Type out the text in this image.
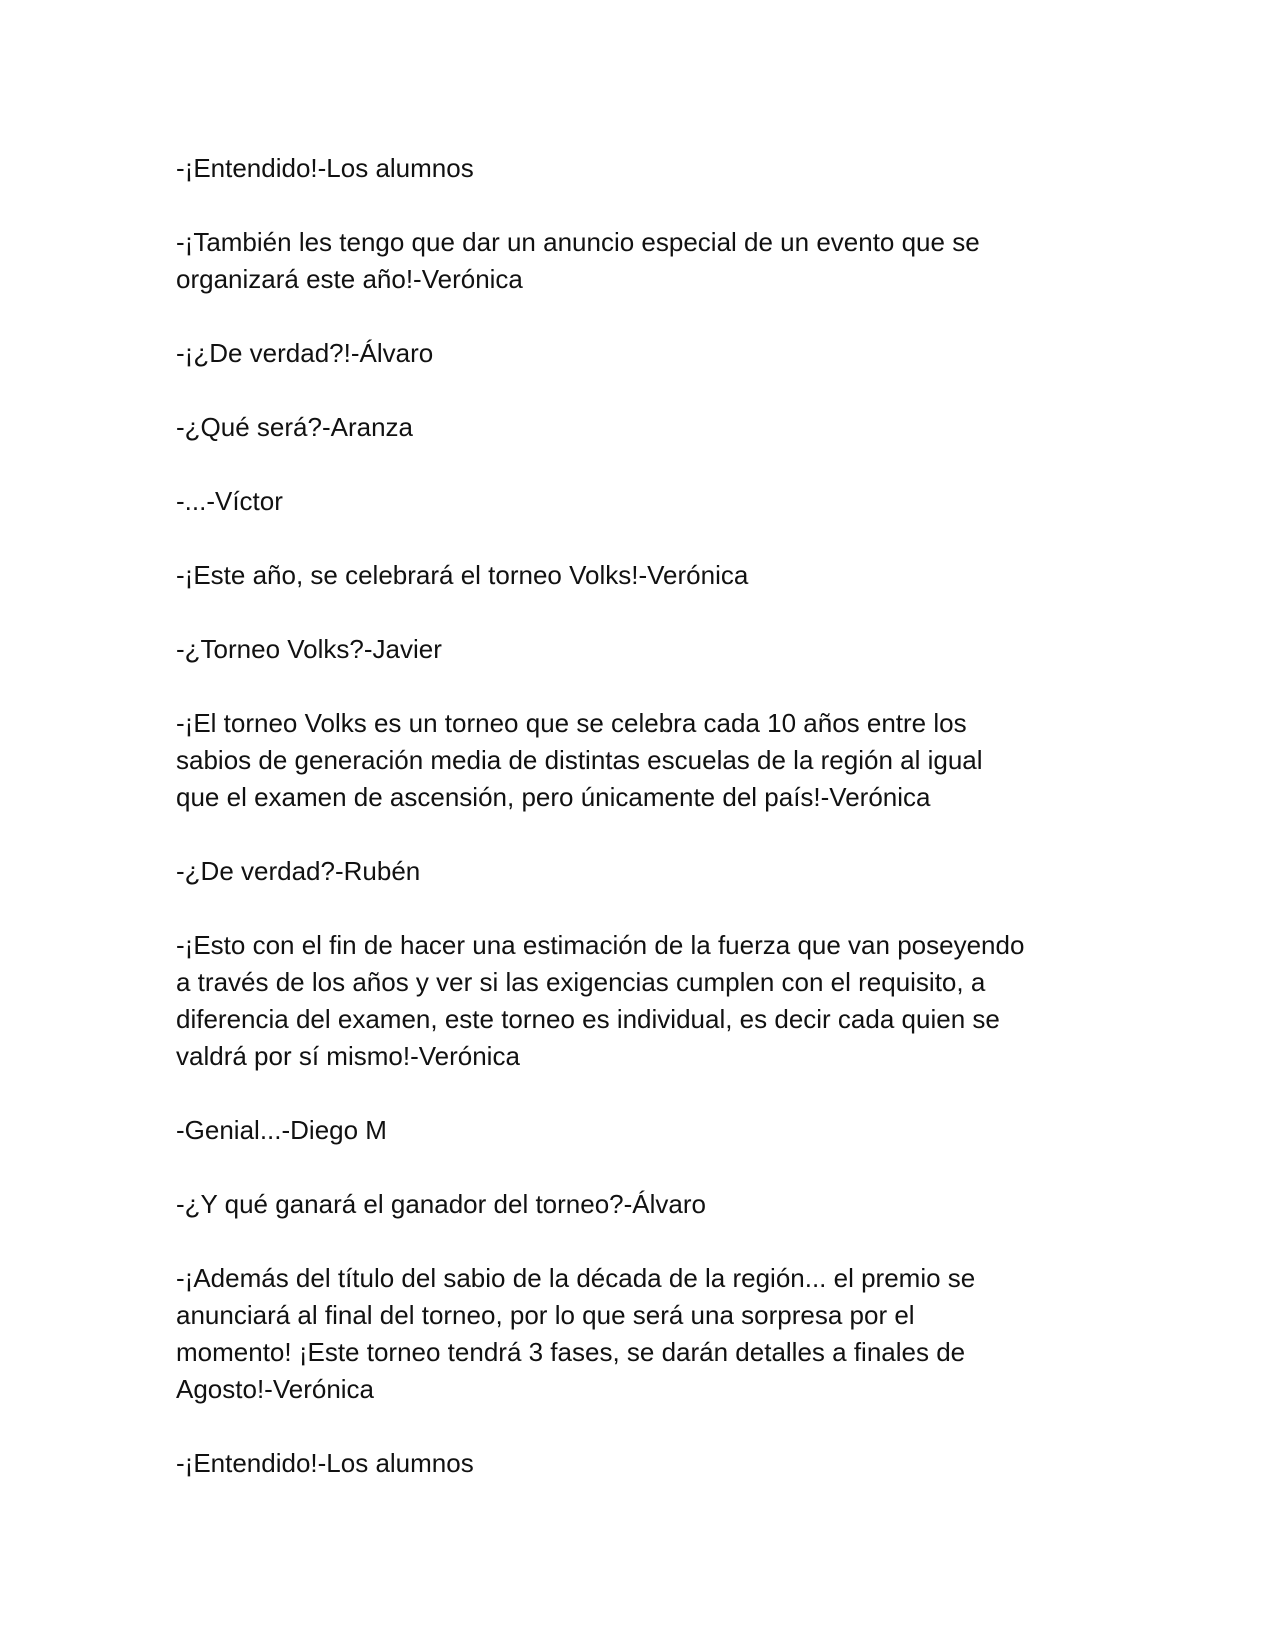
-¡Entendido!-Los alumnos

-¡También les tengo que dar un anuncio especial de un evento que se
organizará este año!-Verónica

-¡¿De verdad?!-Álvaro

-¿Qué será?-Aranza

-...-Víctor

-¡Este año, se celebrará el torneo Volks!-Verónica

-¿Torneo Volks?-Javier

-¡El torneo Volks es un torneo que se celebra cada 10 años entre los
sabios de generación media de distintas escuelas de la región al igual
que el examen de ascensión, pero únicamente del país!-Verónica

-¿De verdad?-Rubén

-¡Esto con el fin de hacer una estimación de la fuerza que van poseyendo
a través de los años y ver si las exigencias cumplen con el requisito, a
diferencia del examen, este torneo es individual, es decir cada quien se
valdrá por sí mismo!-Verónica

-Genial...-Diego M

-¿Y qué ganará el ganador del torneo?-Álvaro

-¡Además del título del sabio de la década de la región... el premio se
anunciará al final del torneo, por lo que será una sorpresa por el
momento! ¡Este torneo tendrá 3 fases, se darán detalles a finales de
Agosto!-Verónica

-¡Entendido!-Los alumnos
